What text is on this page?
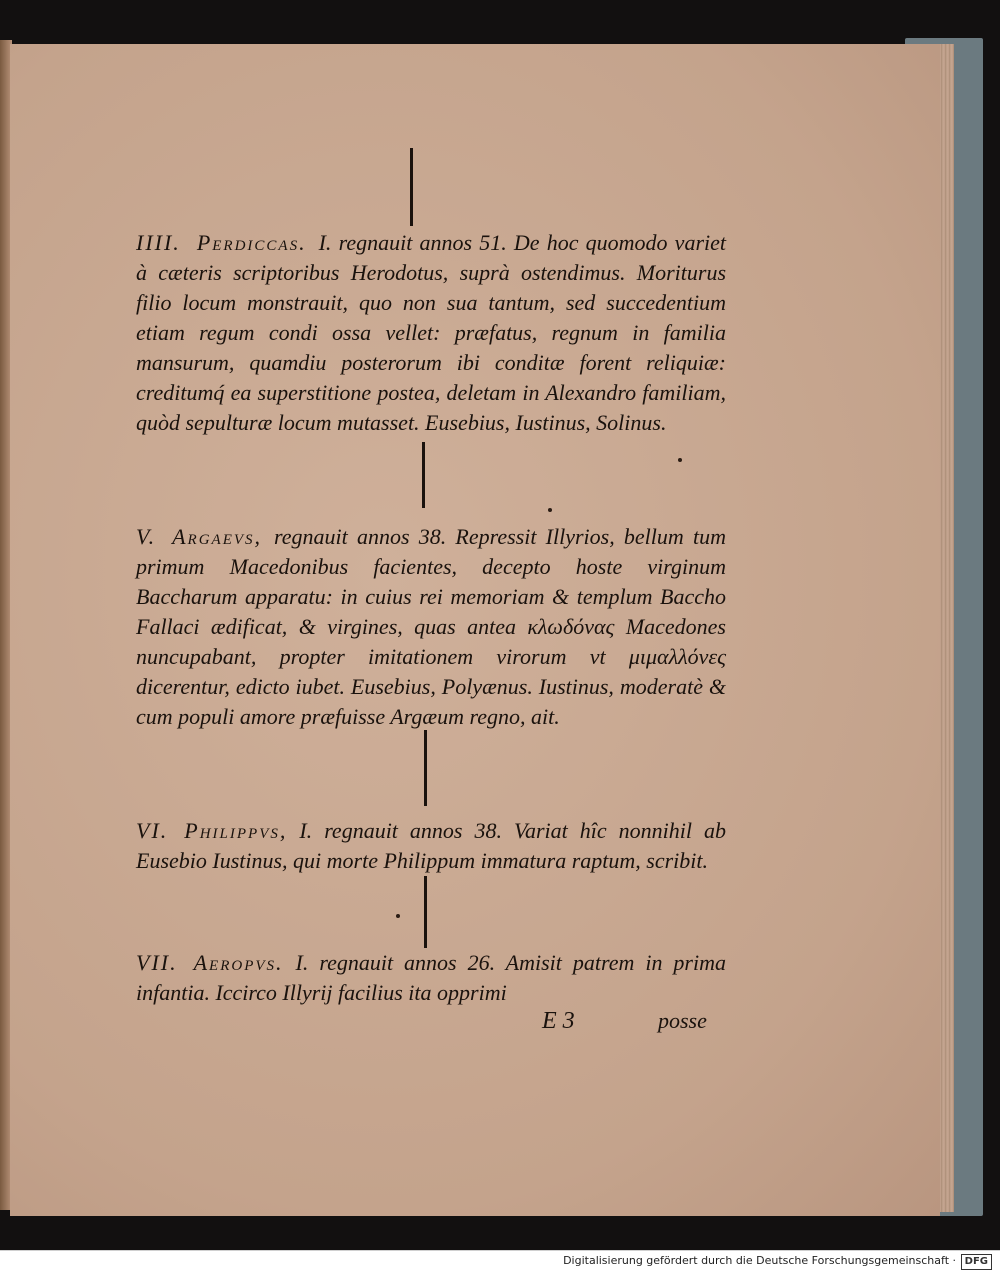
IIII. Perdiccas. I. regnauit annos 51. De hoc quomodo variet à cæteris scriptoribus Herodotus, suprà ostendimus. Moriturus filio locum monstrauit, quo non sua tantum, sed succedentium etiam regum condi ossa vellet: præfatus, regnum in familia mansurum, quamdiu posterorum ibi conditæ forent reliquiæ: creditumq́ ea superstitione postea, deletam in Alexandro familiam, quòd sepulturæ locum mutasset. Eusebius, Iustinus, Solinus.
V. Argaevs, regnauit annos 38. Repressit Illyrios, bellum tum primum Macedonibus facientes, decepto hoste virginum Baccharum apparatu: in cuius rei memoriam & templum Baccho Fallaci ædificat, & virgines, quas antea κλωδόνας Macedones nuncupabant, propter imitationem virorum vt μιμαλλόνες dicerentur, edicto iubet. Eusebius, Polyænus. Iustinus, moderatè & cum populi amore præfuisse Argæum regno, ait.
VI. Philippvs, I. regnauit annos 38. Variat hîc nonnihil ab Eusebio Iustinus, qui morte Philippum immatura raptum, scribit.
VII. Aeropvs. I. regnauit annos 26. Amisit patrem in prima infantia. Iccirco Illyrij facilius ita opprimi
E 3	posse
Digitalisierung gefördert durch die Deutsche Forschungsgemeinschaft · DFG
